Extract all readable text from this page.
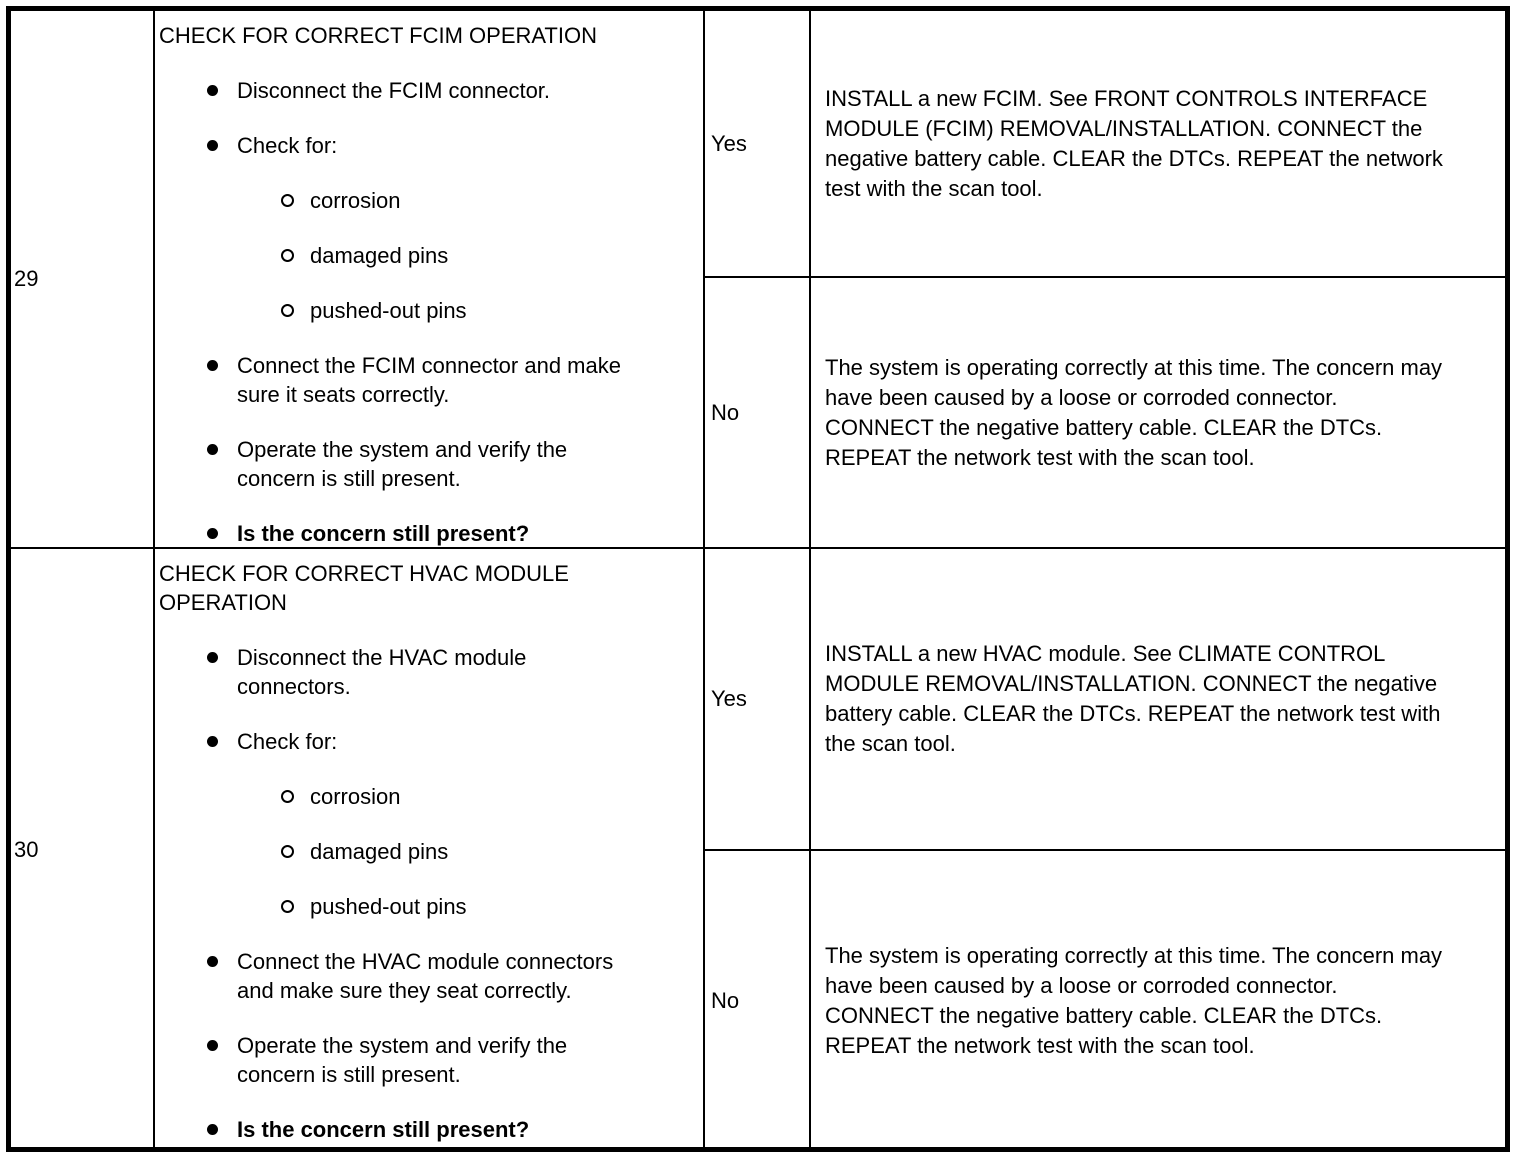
29
CHECK FOR CORRECT FCIM OPERATION
Disconnect the FCIM connector.
Check for:
corrosion
damaged pins
pushed-out pins
Connect the FCIM connector and make sure it seats correctly.
Operate the system and verify the concern is still present.
Is the concern still present?
Yes

INSTALL a new FCIM. See FRONT CONTROLS INTERFACE MODULE (FCIM) REMOVAL/INSTALLATION. CONNECT the negative battery cable. CLEAR the DTCs. REPEAT the network test with the scan tool.

No

The system is operating correctly at this time. The concern may have been caused by a loose or corroded connector. CONNECT the negative battery cable. CLEAR the DTCs. REPEAT the network test with the scan tool.

30
CHECK FOR CORRECT HVAC MODULE OPERATION
Disconnect the HVAC module connectors.
Check for:
corrosion
damaged pins
pushed-out pins
Connect the HVAC module connectors and make sure they seat correctly.
Operate the system and verify the concern is still present.
Is the concern still present?
Yes

INSTALL a new HVAC module. See CLIMATE CONTROL MODULE REMOVAL/INSTALLATION. CONNECT the negative battery cable. CLEAR the DTCs. REPEAT the network test with the scan tool.

No

The system is operating correctly at this time. The concern may have been caused by a loose or corroded connector. CONNECT the negative battery cable. CLEAR the DTCs. REPEAT the network test with the scan tool.
